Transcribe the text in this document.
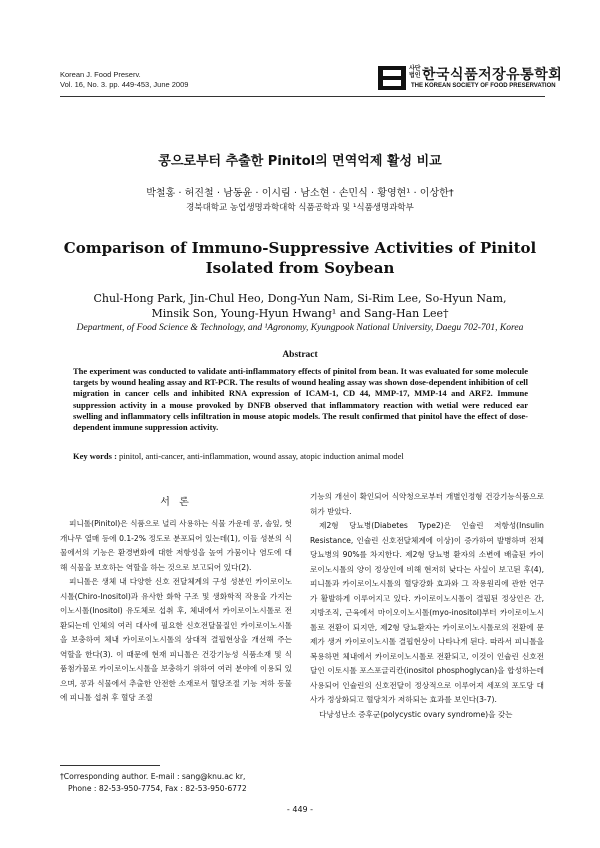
Korean J. Food Preserv.
Vol. 16, No. 3. pp. 449-453, June 2009
사단 법인 한국식품저장유통학회
THE KOREAN SOCIETY OF FOOD PRESERVATION
콩으로부터 추출한 Pinitol의 면역억제 활성 비교
박철홍 · 허진철 · 남동윤 · 이시림 · 남소현 · 손민식 · 황영현¹ · 이상한†
경북대학교 농업생명과학대학 식품공학과 및 ¹식품생명과학부
Comparison of Immuno-Suppressive Activities of Pinitol Isolated from Soybean
Chul-Hong Park, Jin-Chul Heo, Dong-Yun Nam, Si-Rim Lee, So-Hyun Nam,
Minsik Son, Young-Hyun Hwang¹ and Sang-Han Lee†
Department, of Food Science & Technology, and ¹Agronomy, Kyungpook National University, Daegu 702-701, Korea
Abstract
The experiment was conducted to validate anti-inflammatory effects of pinitol from bean. It was evaluated for some molecule targets by wound healing assay and RT-PCR. The results of wound healing assay was shown dose-dependent inhibition of cell migration in cancer cells and inhibited RNA expression of ICAM-1, CD 44, MMP-17, MMP-14 and ARF2. Immune suppression activity in a mouse provoked by DNFB observed that inflammatory reaction with wetial were reduced ear swelling and inflammatory cells infiltration in mouse atopic models. The result confirmed that pinitol have the effect of dose-dependent immune suppression activity.
Key words : pinitol, anti-cancer, anti-inflammation, wound assay, atopic induction animal model
서 론

피니톨(Pinitol)은 식품으로 널리 사용하는 식물 가운데 콩, 솔잎, 헛개나무 열매 등에 0.1-2% 정도로 분포되어 있는데(1), 이들 성분의 식물에서의 기능은 환경변화에 대한 저항성을 높여 가뭄이나 염도에 대해 식물을 보호하는 역할을 하는 것으로 보고되어 있다(2).

피니톨은 생체 내 다양한 신호 전달체계의 구성 성분인 카이로이노시톨(Chiro-Inositol)과 유사한 화학 구조 및 생화학적 작용을 가지는 이노시톨(Inositol) 유도체로 섭취 후, 체내에서 카이로이노시톨로 전환되는데 인체의 여러 대사에 필요한 신호전달물질인 카이로이노시톨을 보충하여 체내 카이로이노시톨의 상대적 결핍현상을 개선해 주는 역할을 한다(3). 이 때문에 현재 피니톨은 건강기능성 식품소재 및 식품첨가물로 카이로이노시톨을 보충하기 위하여 여러 분야에 이용되 있으며, 콩과 식물에서 추출한 안전한 소재로서 혈당조절 기능 저하 동물에 피니톨 섭취 후 혈당 조절

기능의 개선이 확인되어 식약청으로부터 개별인정형 건강기능식품으로 허가 받았다.

제2형 당뇨병(Diabetes Type2)은 인슐린 저항성(Insulin Resistance, 인슐린 신호전달체계에 이상)이 증가하여 발병하며 전체 당뇨병의 90%를 차지한다. 제2형 당뇨병 환자의 소변에 배출된 카이로이노시톨의 양이 정상인에 비해 현저히 낮다는 사실이 보고된 후(4), 피니톨과 카이로이노시톨의 혈당강화 효과와 그 작용원리에 관한 연구가 활발하게 이루어지고 있다. 카이로이노시톨이 결핍된 정상인은 간, 지방조직, 근육에서 마이오이노시톨(myo-inositol)부터 카이로이노시톨로 전환이 되지만, 제2형 당뇨환자는 카이로이노시톨로의 전환에 문제가 생겨 카이로이노시톨 결핍현상이 나타나게 된다. 따라서 피니톨을 복용하면 체내에서 카이로이노시톨로 전환되고, 이것이 인슐린 신호전달인 이토시톨 포스포글리칸(inositol phosphoglycan)을 합성하는데 사용되어 인슐린의 신호전달이 정상적으로 이루어져 세포의 포도당 대사가 정상화되고 혈당치가 저하되는 효과를 보인다(3-7).

다낭성난소 증후군(polycystic ovary syndrome)을 갖는

†Corresponding author. E-mail : sang@knu.ac kr,
Phone : 82-53-950-7754, Fax : 82-53-950-6772
- 449 -
